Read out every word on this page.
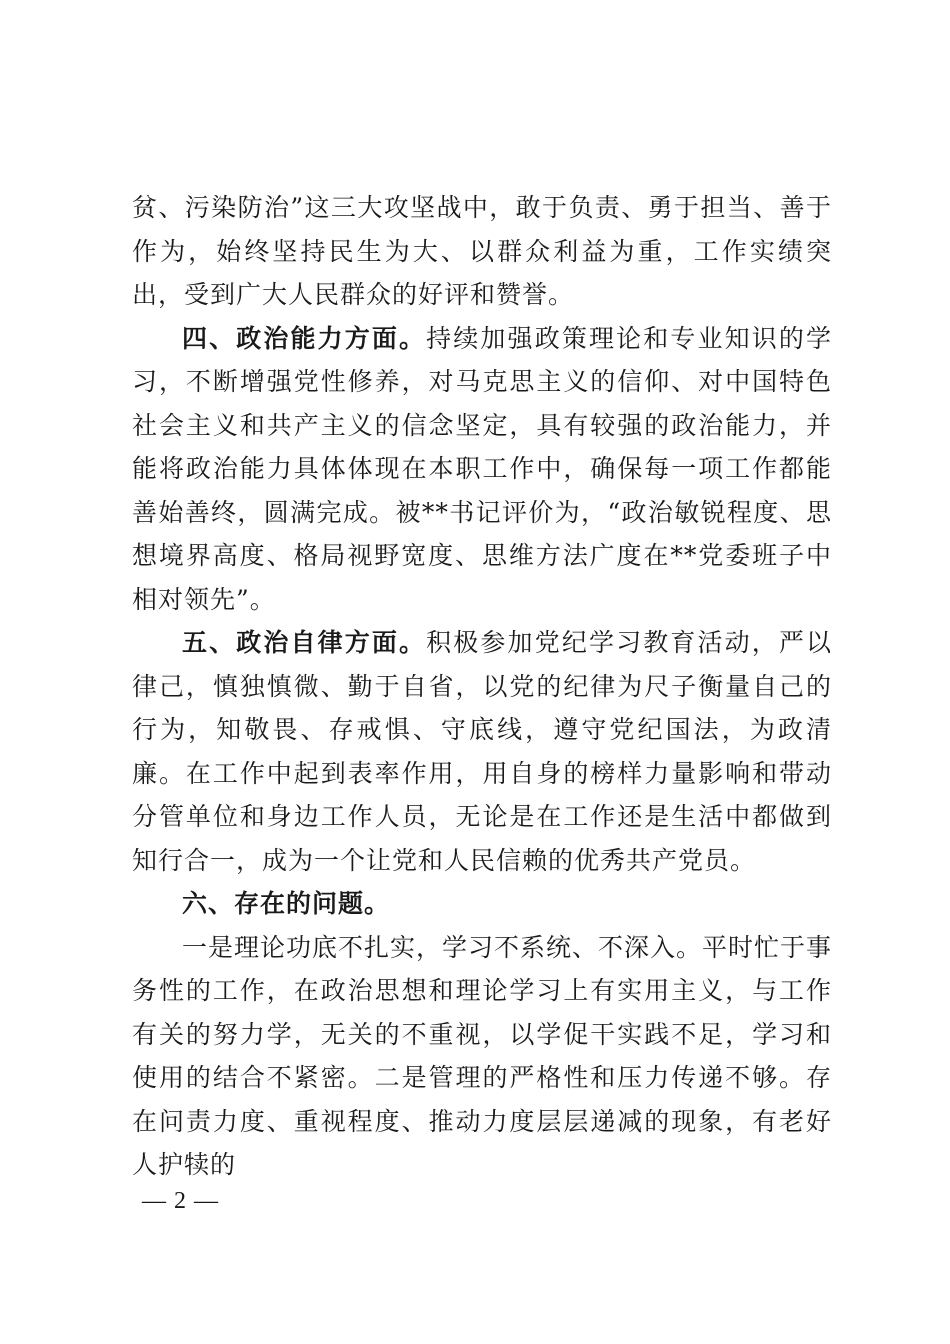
贫、污染防治”这三大攻坚战中，敢于负责、勇于担当、善于作为，始终坚持民生为大、以群众利益为重，工作实绩突出，受到广大人民群众的好评和赞誉。

四、政治能力方面。持续加强政策理论和专业知识的学习，不断增强党性修养，对马克思主义的信仰、对中国特色社会主义和共产主义的信念坚定，具有较强的政治能力，并能将政治能力具体体现在本职工作中，确保每一项工作都能善始善终，圆满完成。被**书记评价为，“政治敏锐程度、思想境界高度、格局视野宽度、思维方法广度在**党委班子中相对领先”。

五、政治自律方面。积极参加党纪学习教育活动，严以律己，慎独慎微、勤于自省，以党的纪律为尺子衡量自己的行为，知敬畏、存戒惧、守底线，遵守党纪国法，为政清廉。在工作中起到表率作用，用自身的榜样力量影响和带动分管单位和身边工作人员，无论是在工作还是生活中都做到知行合一，成为一个让党和人民信赖的优秀共产党员。

六、存在的问题。

一是理论功底不扎实，学习不系统、不深入。平时忙于事务性的工作，在政治思想和理论学习上有实用主义，与工作有关的努力学，无关的不重视，以学促干实践不足，学习和使用的结合不紧密。二是管理的严格性和压力传递不够。存在问责力度、重视程度、推动力度层层递减的现象，有老好人护犊的

— 2 —
